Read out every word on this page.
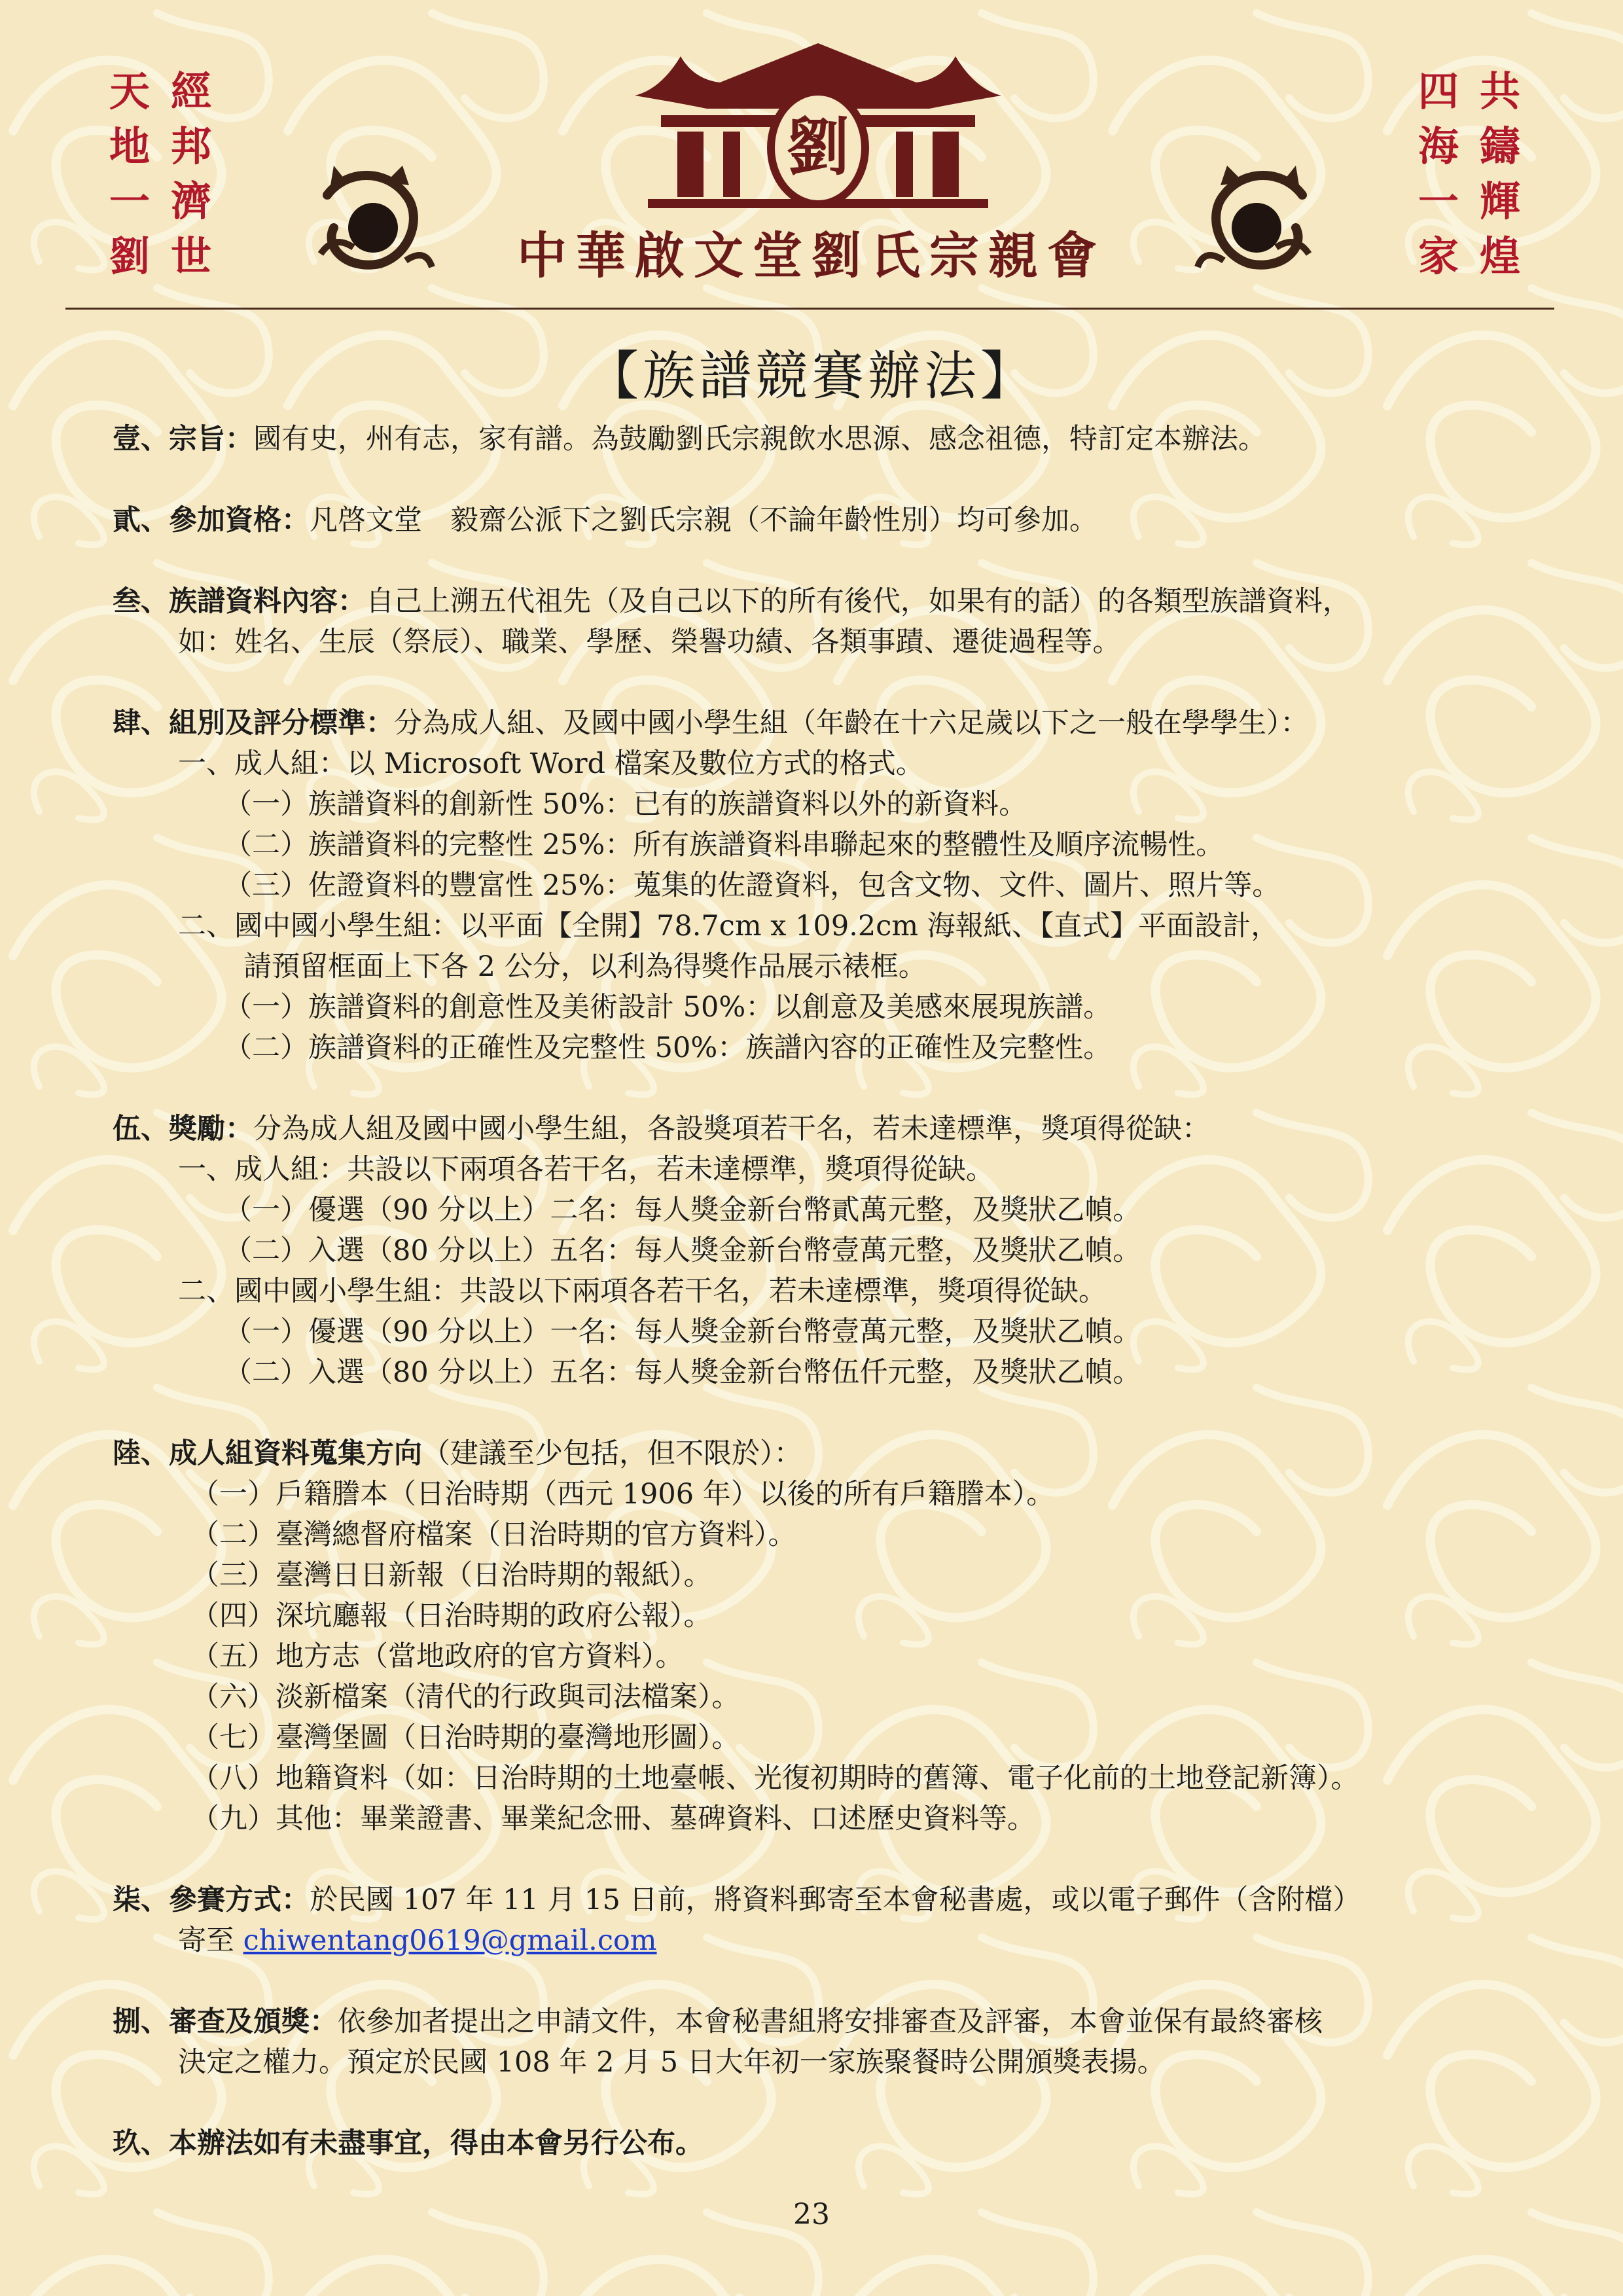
天
地
一
劉
經
邦
濟
世
四
海
一
家
共
鑄
輝
煌
劉
中華啟文堂劉氏宗親會
【族譜競賽辦法】
壹、宗旨：國有史，州有志，家有譜。為鼓勵劉氏宗親飲水思源、感念祖德，特訂定本辦法。
貳、參加資格：凡啓文堂　毅齋公派下之劉氏宗親（不論年齡性別）均可參加。
叁、族譜資料內容：自己上溯五代祖先（及自己以下的所有後代，如果有的話）的各類型族譜資料，
如：姓名、生辰（祭辰）、職業、學歷、榮譽功績、各類事蹟、遷徙過程等。
肆、組別及評分標準：分為成人組、及國中國小學生組（年齡在十六足歲以下之一般在學學生）：
一、成人組：以 Microsoft Word 檔案及數位方式的格式。
（一）族譜資料的創新性 50%：已有的族譜資料以外的新資料。
（二）族譜資料的完整性 25%：所有族譜資料串聯起來的整體性及順序流暢性。
（三）佐證資料的豐富性 25%：蒐集的佐證資料，包含文物、文件、圖片、照片等。
二、國中國小學生組：以平面【全開】78.7cm x 109.2cm 海報紙、【直式】平面設計，
請預留框面上下各 2 公分，以利為得獎作品展示裱框。
（一）族譜資料的創意性及美術設計 50%：以創意及美感來展現族譜。
（二）族譜資料的正確性及完整性 50%：族譜內容的正確性及完整性。
伍、獎勵：分為成人組及國中國小學生組，各設獎項若干名，若未達標準，獎項得從缺：
一、成人組：共設以下兩項各若干名，若未達標準，獎項得從缺。
（一）優選（90 分以上）二名：每人獎金新台幣貳萬元整，及獎狀乙幀。
（二）入選（80 分以上）五名：每人獎金新台幣壹萬元整，及獎狀乙幀。
二、國中國小學生組：共設以下兩項各若干名，若未達標準，獎項得從缺。
（一）優選（90 分以上）一名：每人獎金新台幣壹萬元整，及獎狀乙幀。
（二）入選（80 分以上）五名：每人獎金新台幣伍仟元整，及獎狀乙幀。
陸、成人組資料蒐集方向（建議至少包括，但不限於）：
（一）戶籍謄本（日治時期（西元 1906 年）以後的所有戶籍謄本）。
（二）臺灣總督府檔案（日治時期的官方資料）。
（三）臺灣日日新報（日治時期的報紙）。
（四）深坑廳報（日治時期的政府公報）。
（五）地方志（當地政府的官方資料）。
（六）淡新檔案（清代的行政與司法檔案）。
（七）臺灣堡圖（日治時期的臺灣地形圖）。
（八）地籍資料（如：日治時期的土地臺帳、光復初期時的舊簿、電子化前的土地登記新簿）。
（九）其他：畢業證書、畢業紀念冊、墓碑資料、口述歷史資料等。
柒、參賽方式：於民國 107 年 11 月 15 日前，將資料郵寄至本會秘書處，或以電子郵件（含附檔）
寄至 chiwentang0619@gmail.com
捌、審查及頒獎：依參加者提出之申請文件，本會秘書組將安排審查及評審，本會並保有最終審核
決定之權力。預定於民國 108 年 2 月 5 日大年初一家族聚餐時公開頒獎表揚。
玖、本辦法如有未盡事宜，得由本會另行公布。
23
